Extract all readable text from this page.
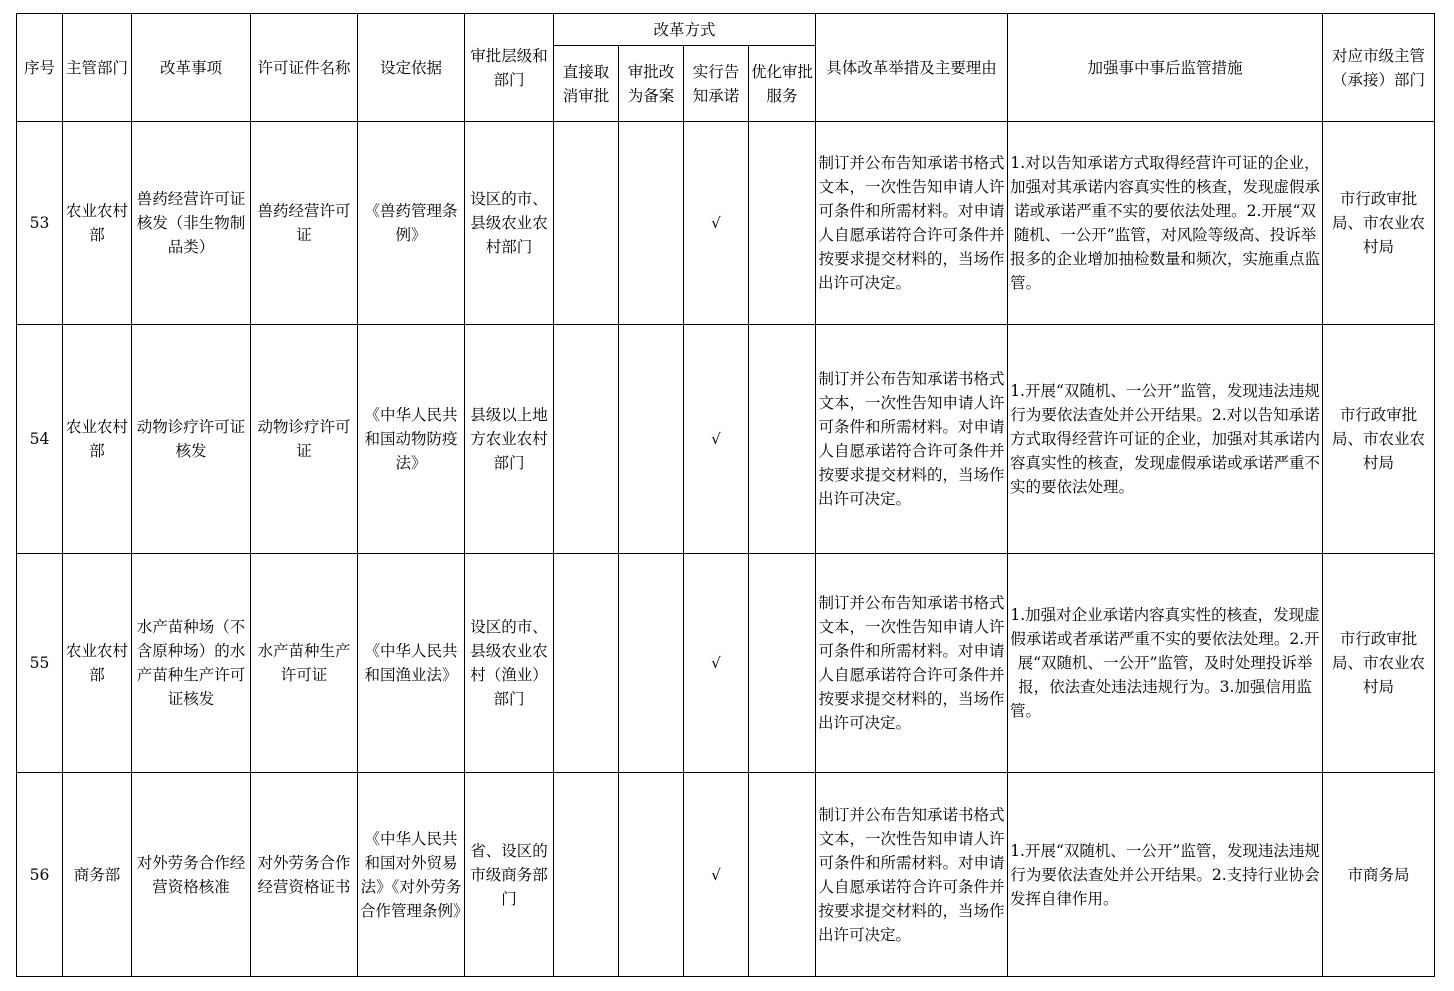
序号	主管部门	改革事项	许可证件名称	设定依据	审批层级和部门	改革方式				具体改革举措及主要理由	加强事中事后监管措施	对应市级主管（承接）部门
						直接取消审批	审批改为备案	实行告知承诺	优化审批服务			
53	农业农村部	兽药经营许可证核发（非生物制品类）	兽药经营许可证	《兽药管理条例》	设区的市、县级农业农村部门			√		制订并公布告知承诺书格式文本，一次性告知申请人许可条件和所需材料。对申请人自愿承诺符合许可条件并按要求提交材料的，当场作出许可决定。	1.对以告知承诺方式取得经营许可证的企业，加强对其承诺内容真实性的核查，发现虚假承诺或承诺严重不实的要依法处理。2.开展“双随机、一公开”监管，对风险等级高、投诉举报多的企业增加抽检数量和频次，实施重点监管。	市行政审批局、市农业农村局
54	农业农村部	动物诊疗许可证核发	动物诊疗许可证	《中华人民共和国动物防疫法》	县级以上地方农业农村部门			√		制订并公布告知承诺书格式文本，一次性告知申请人许可条件和所需材料。对申请人自愿承诺符合许可条件并按要求提交材料的，当场作出许可决定。	1.开展“双随机、一公开”监管，发现违法违规行为要依法查处并公开结果。2.对以告知承诺方式取得经营许可证的企业，加强对其承诺内容真实性的核查，发现虚假承诺或承诺严重不实的要依法处理。	市行政审批局、市农业农村局
55	农业农村部	水产苗种场（不含原种场）的水产苗种生产许可证核发	水产苗种生产许可证	《中华人民共和国渔业法》	设区的市、县级农业农村（渔业）部门			√		制订并公布告知承诺书格式文本，一次性告知申请人许可条件和所需材料。对申请人自愿承诺符合许可条件并按要求提交材料的，当场作出许可决定。	1.加强对企业承诺内容真实性的核查，发现虚假承诺或者承诺严重不实的要依法处理。2.开展“双随机、一公开”监管，及时处理投诉举报，依法查处违法违规行为。3.加强信用监管。	市行政审批局、市农业农村局
56	商务部	对外劳务合作经营资格核准	对外劳务合作经营资格证书	《中华人民共和国对外贸易法》《对外劳务合作管理条例》	省、设区的市级商务部门			√		制订并公布告知承诺书格式文本，一次性告知申请人许可条件和所需材料。对申请人自愿承诺符合许可条件并按要求提交材料的，当场作出许可决定。	1.开展“双随机、一公开”监管，发现违法违规行为要依法查处并公开结果。2.支持行业协会发挥自律作用。	市商务局
